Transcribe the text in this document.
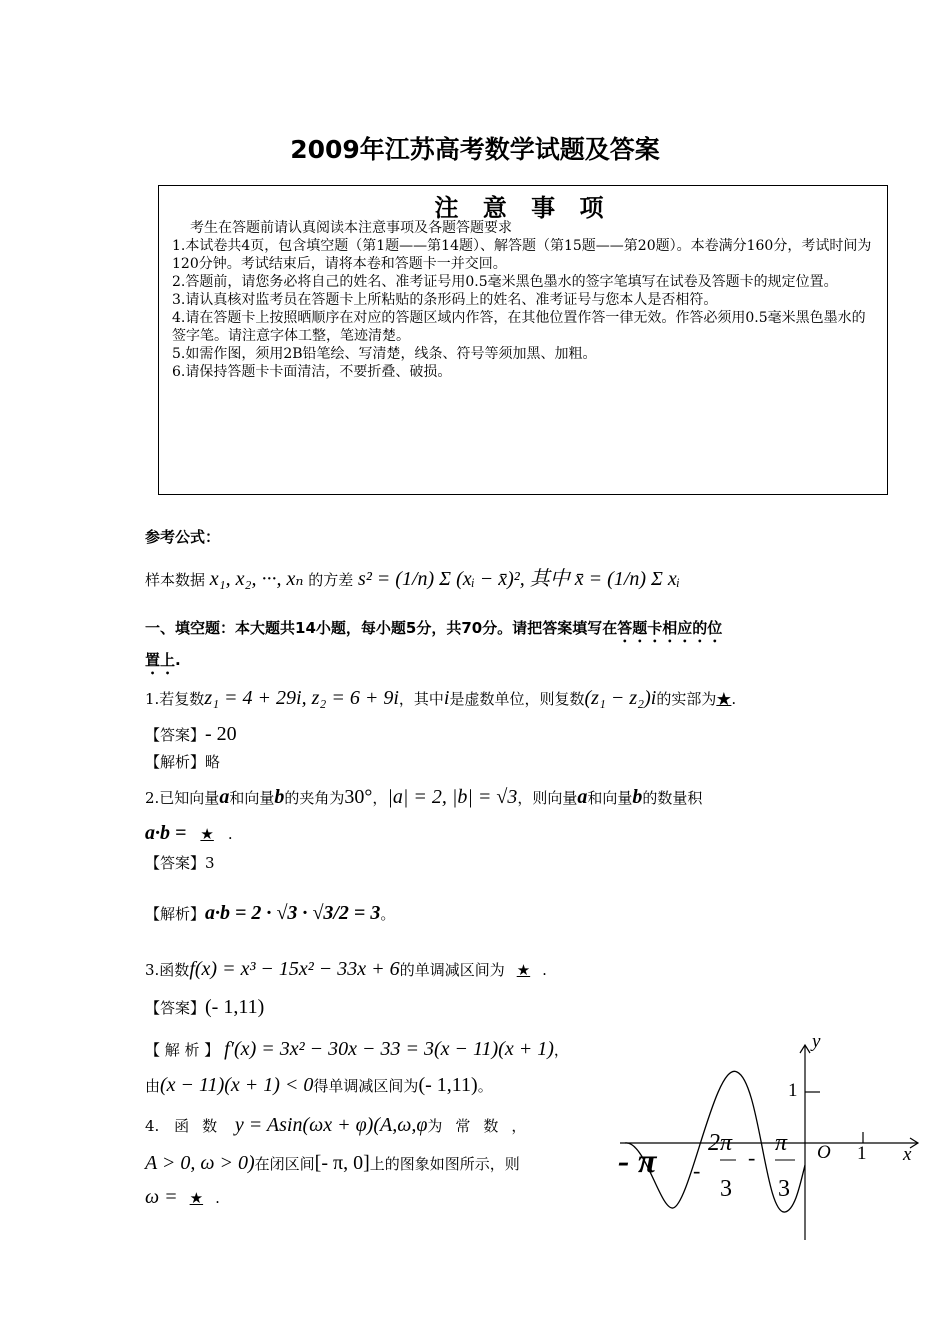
2009年江苏高考数学试题及答案
注 意 事 项

考生在答题前请认真阅读本注意事项及各题答题要求

1.本试卷共4页，包含填空题（第1题——第14题）、解答题（第15题——第20题）。本卷满分160分，考试时间为120分钟。考试结束后，请将本卷和答题卡一并交回。

2.答题前，请您务必将自己的姓名、准考证号用0.5毫米黑色墨水的签字笔填写在试卷及答题卡的规定位置。

3.请认真核对监考员在答题卡上所粘贴的条形码上的姓名、准考证号与您本人是否相符。

4.请在答题卡上按照晒顺序在对应的答题区域内作答，在其他位置作答一律无效。作答必须用0.5毫米黑色墨水的签字笔。请注意字体工整，笔迹清楚。

5.如需作图，须用2B铅笔绘、写清楚，线条、符号等须加黑、加粗。

6.请保持答题卡卡面清洁，不要折叠、破损。

参考公式：
样本数据 x₁, x₂, ···, xₙ 的方差 s² = (1/n) Σ (xᵢ − x̄)², 其中 x̄ = (1/n) Σ xᵢ
一、填空题：本大题共14小题，每小题5分，共70分。请把答案填写在答题卡相应的位
置上.
1.若复数z₁ = 4 + 29i, z₂ = 6 + 9i，其中i是虚数单位，则复数(z₁ − z₂)i的实部为★.
【答案】- 20
【解析】略
2.已知向量a和向量b的夹角为30°，|a| = 2, |b| = √3，则向量a和向量b的数量积
a·b = ★ .
【答案】3
【解析】a·b = 2 · √3 · √3/2 = 3。
3.函数f(x) = x³ − 15x² − 33x + 6的单调减区间为 ★ .
【答案】(- 1,11)
【 解 析 】 f′(x) = 3x² − 30x − 33 = 3(x − 11)(x + 1)，
由(x − 11)(x + 1) < 0得单调减区间为(- 1,11)。
4. 函数 y = Asin(ωx + φ)(A,ω,φ为常数，
A > 0, ω > 0)在闭区间[- π, 0]上的图象如图所示，则
ω = ★ .
y
x
O
1
1
- π -
2π
3
-
π
3
